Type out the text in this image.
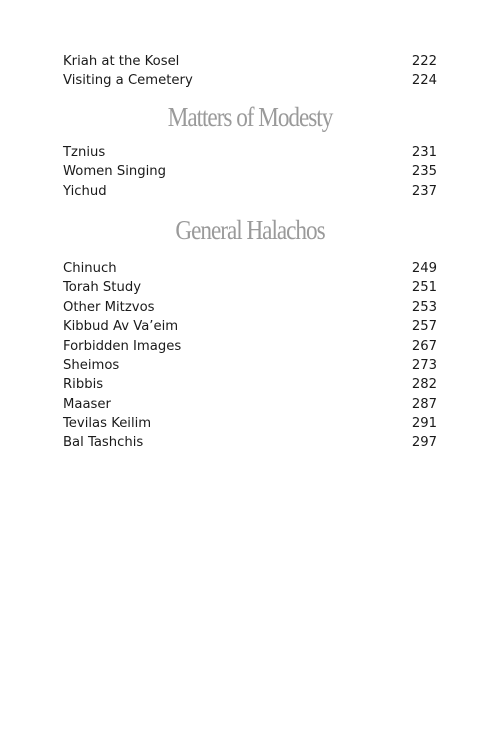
Kriah at the Kosel	222
Visiting a Cemetery	224
Matters of Modesty
Tznius	231
Women Singing	235
Yichud	237
General Halachos
Chinuch	249
Torah Study	251
Other Mitzvos	253
Kibbud Av Va’eim	257
Forbidden Images	267
Sheimos	273
Ribbis	282
Maaser	287
Tevilas Keilim	291
Bal Tashchis	297
